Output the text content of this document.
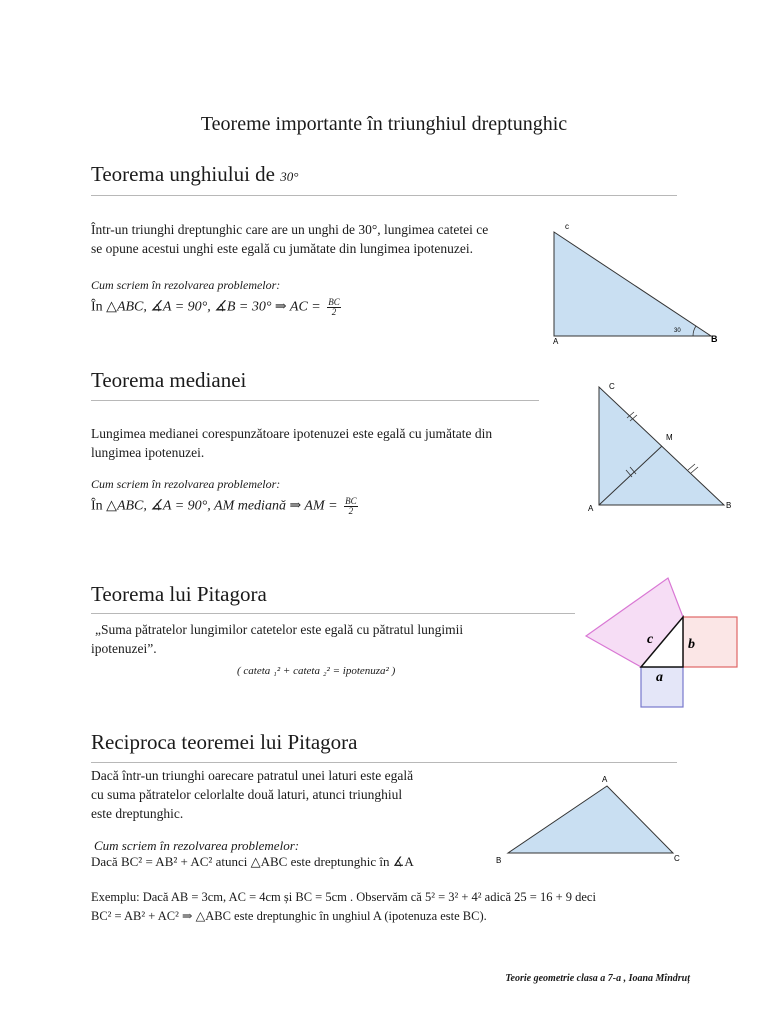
Teoreme importante în triunghiul dreptunghic
Teorema unghiului de 30°
Într-un triunghi dreptunghic care are un unghi de 30°, lungimea catetei ce
se opune acestui unghi este egală cu jumătate din lungimea ipotenuzei.
Cum scriem în rezolvarea problemelor:
În △ABC, ∡A = 90°, ∡B = 30° ⇒ AC = $\frac{BC}{2}$
c
A	B
30
Teorema medianei
Lungimea medianei corespunzătoare ipotenuzei este egală cu jumătate din
lungimea ipotenuzei.
Cum scriem în rezolvarea problemelor:
În △ABC, ∡A = 90°, AM mediană ⇒ AM = $\frac{BC}{2}$
C
M
A	B
Teorema lui Pitagora
„Suma pătratelor lungimilor catetelor este egală cu pătratul lungimii
ipotenuzei”.
( cateta ₁² + cateta ₂² = ipotenuza² )
c b
a
Reciproca teoremei lui Pitagora
Dacă într-un triunghi oarecare patratul unei laturi este egală
cu suma pătratelor celorlalte două laturi, atunci triunghiul
este dreptunghic.
Cum scriem în rezolvarea problemelor:
Dacă BC² = AB² + AC² atunci △ABC este dreptunghic în ∡A
Exemplu: Dacă AB = 3cm, AC = 4cm și BC = 5cm . Observăm că 5² = 3² + 4² adică 25 = 16 + 9 deci
BC² = AB² + AC² ⇒ △ABC este dreptunghic în unghiul A (ipotenuza este BC).
A
B	C
Teorie geometrie clasa a 7-a , Ioana Mîndruț
